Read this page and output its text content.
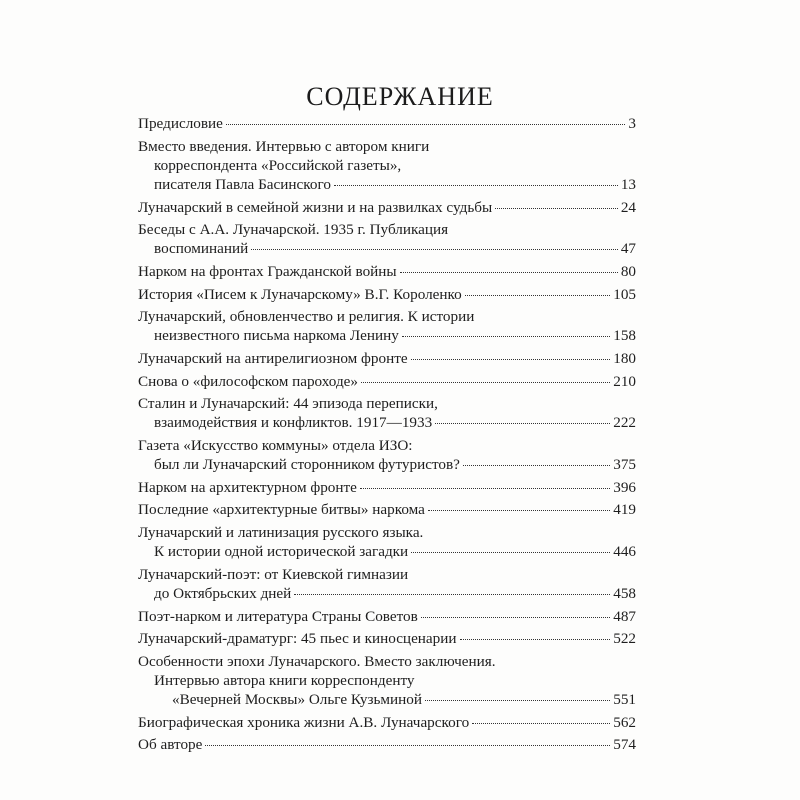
СОДЕРЖАНИЕ
Предисловие	3
Вместо введения. Интервью с автором книги
корреспондента «Российской газеты»,
писателя Павла Басинского	13
Луначарский в семейной жизни и на развилках судьбы	24
Беседы с А.А. Луначарской. 1935 г. Публикация
воспоминаний	47
Нарком на фронтах Гражданской войны	80
История «Писем к Луначарскому» В.Г. Короленко	105
Луначарский, обновленчество и религия. К истории
неизвестного письма наркома Ленину	158
Луначарский на антирелигиозном фронте	180
Снова о «философском пароходе»	210
Сталин и Луначарский: 44 эпизода переписки,
взаимодействия и конфликтов. 1917—1933	222
Газета «Искусство коммуны» отдела ИЗО:
был ли Луначарский сторонником футуристов?	375
Нарком на архитектурном фронте	396
Последние «архитектурные битвы» наркома	419
Луначарский и латинизация русского языка.
К истории одной исторической загадки	446
Луначарский-поэт: от Киевской гимназии
до Октябрьских дней	458
Поэт-нарком и литература Страны Советов	487
Луначарский-драматург: 45 пьес и киносценарии	522
Особенности эпохи Луначарского. Вместо заключения.
Интервью автора книги корреспонденту
«Вечерней Москвы» Ольге Кузьминой	551
Биографическая хроника жизни А.В. Луначарского	562
Об авторе	574
